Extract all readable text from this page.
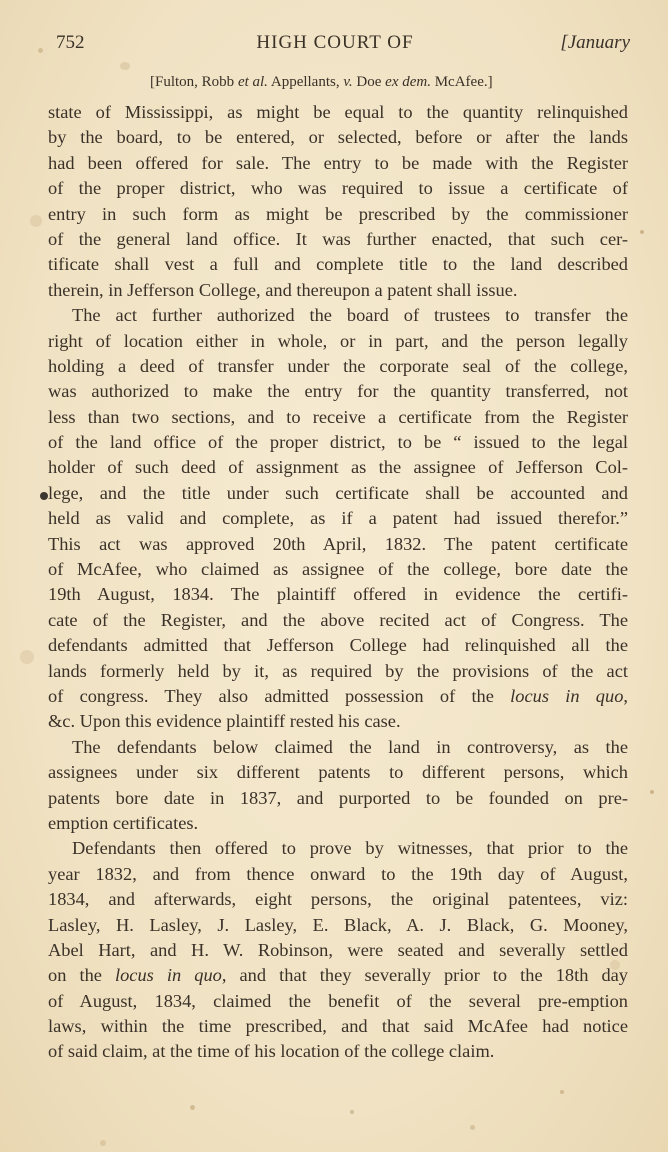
752	HIGH COURT OF	[January
[Fulton, Robb et al. Appellants, v. Doe ex dem. McAfee.]
state of Mississippi, as might be equal to the quantity relinquished
by the board, to be entered, or selected, before or after the lands
had been offered for sale. The entry to be made with the Register
of the proper district, who was required to issue a certificate of
entry in such form as might be prescribed by the commissioner
of the general land office. It was further enacted, that such cer-
tificate shall vest a full and complete title to the land described
therein, in Jefferson College, and thereupon a patent shall issue.
The act further authorized the board of trustees to transfer the
right of location either in whole, or in part, and the person legally
holding a deed of transfer under the corporate seal of the college,
was authorized to make the entry for the quantity transferred, not
less than two sections, and to receive a certificate from the Register
of the land office of the proper district, to be “ issued to the legal
holder of such deed of assignment as the assignee of Jefferson Col-
lege, and the title under such certificate shall be accounted and
held as valid and complete, as if a patent had issued therefor.”
This act was approved 20th April, 1832. The patent certificate
of McAfee, who claimed as assignee of the college, bore date the
19th August, 1834. The plaintiff offered in evidence the certifi-
cate of the Register, and the above recited act of Congress. The
defendants admitted that Jefferson College had relinquished all the
lands formerly held by it, as required by the provisions of the act
of congress. They also admitted possession of the locus in quo,
&c. Upon this evidence plaintiff rested his case.
The defendants below claimed the land in controversy, as the
assignees under six different patents to different persons, which
patents bore date in 1837, and purported to be founded on pre-
emption certificates.
Defendants then offered to prove by witnesses, that prior to the
year 1832, and from thence onward to the 19th day of August,
1834, and afterwards, eight persons, the original patentees, viz:
Lasley, H. Lasley, J. Lasley, E. Black, A. J. Black, G. Mooney,
Abel Hart, and H. W. Robinson, were seated and severally settled
on the locus in quo, and that they severally prior to the 18th day
of August, 1834, claimed the benefit of the several pre-emption
laws, within the time prescribed, and that said McAfee had notice
of said claim, at the time of his location of the college claim.
